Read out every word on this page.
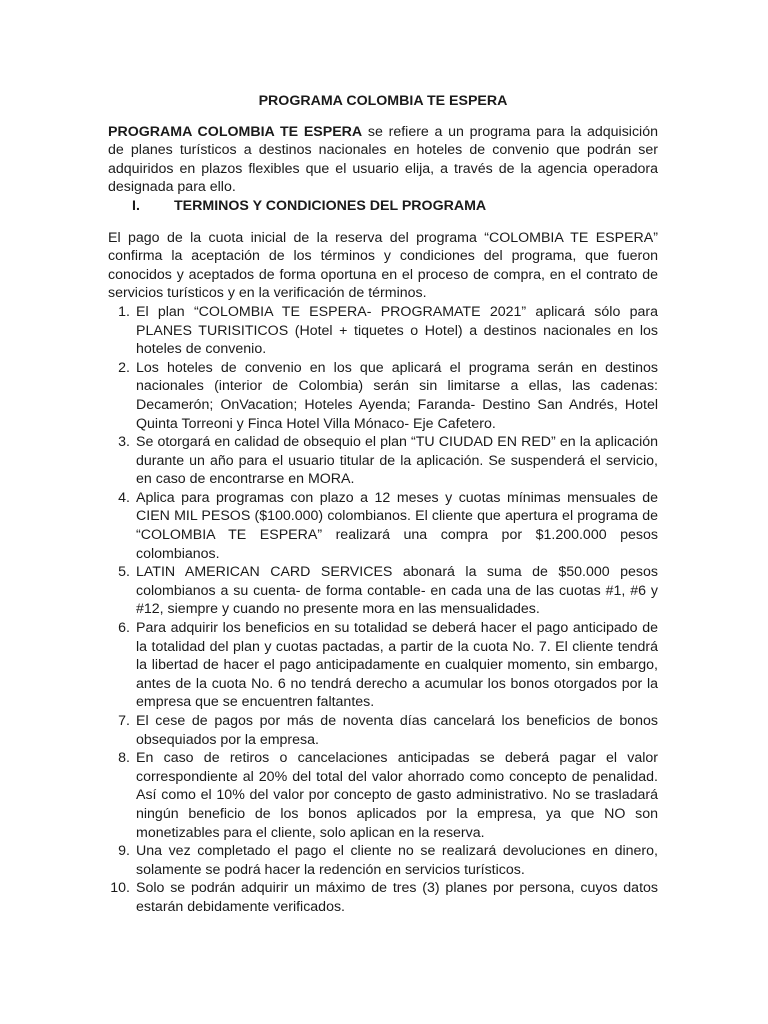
PROGRAMA COLOMBIA TE ESPERA

PROGRAMA COLOMBIA TE ESPERA se refiere a un programa para la adquisición de planes turísticos a destinos nacionales en hoteles de convenio que podrán ser adquiridos en plazos flexibles que el usuario elija, a través de la agencia operadora designada para ello.

I.	TERMINOS Y CONDICIONES DEL PROGRAMA

El pago de la cuota inicial de la reserva del programa “COLOMBIA TE ESPERA” confirma la aceptación de los términos y condiciones del programa, que fueron conocidos y aceptados de forma oportuna en el proceso de compra, en el contrato de servicios turísticos y en la verificación de términos.

1. El plan “COLOMBIA TE ESPERA- PROGRAMATE 2021” aplicará sólo para PLANES TURISITICOS (Hotel + tiquetes o Hotel) a destinos nacionales en los hoteles de convenio.
2. Los hoteles de convenio en los que aplicará el programa serán en destinos nacionales (interior de Colombia) serán sin limitarse a ellas, las cadenas: Decamerón; OnVacation; Hoteles Ayenda; Faranda- Destino San Andrés, Hotel Quinta Torreoni y Finca Hotel Villa Mónaco- Eje Cafetero.
3. Se otorgará en calidad de obsequio el plan “TU CIUDAD EN RED” en la aplicación durante un año para el usuario titular de la aplicación. Se suspenderá el servicio, en caso de encontrarse en MORA.
4. Aplica para programas con plazo a 12 meses y cuotas mínimas mensuales de CIEN MIL PESOS ($100.000) colombianos. El cliente que apertura el programa de “COLOMBIA TE ESPERA” realizará una compra por $1.200.000 pesos colombianos.
5. LATIN AMERICAN CARD SERVICES abonará la suma de $50.000 pesos colombianos a su cuenta- de forma contable- en cada una de las cuotas #1, #6 y #12, siempre y cuando no presente mora en las mensualidades.
6. Para adquirir los beneficios en su totalidad se deberá hacer el pago anticipado de la totalidad del plan y cuotas pactadas, a partir de la cuota No. 7. El cliente tendrá la libertad de hacer el pago anticipadamente en cualquier momento, sin embargo, antes de la cuota No. 6 no tendrá derecho a acumular los bonos otorgados por la empresa que se encuentren faltantes.
7. El cese de pagos por más de noventa días cancelará los beneficios de bonos obsequiados por la empresa.
8. En caso de retiros o cancelaciones anticipadas se deberá pagar el valor correspondiente al 20% del total del valor ahorrado como concepto de penalidad. Así como el 10% del valor por concepto de gasto administrativo. No se trasladará ningún beneficio de los bonos aplicados por la empresa, ya que NO son monetizables para el cliente, solo aplican en la reserva.
9. Una vez completado el pago el cliente no se realizará devoluciones en dinero, solamente se podrá hacer la redención en servicios turísticos.
10. Solo se podrán adquirir un máximo de tres (3) planes por persona, cuyos datos estarán debidamente verificados.
